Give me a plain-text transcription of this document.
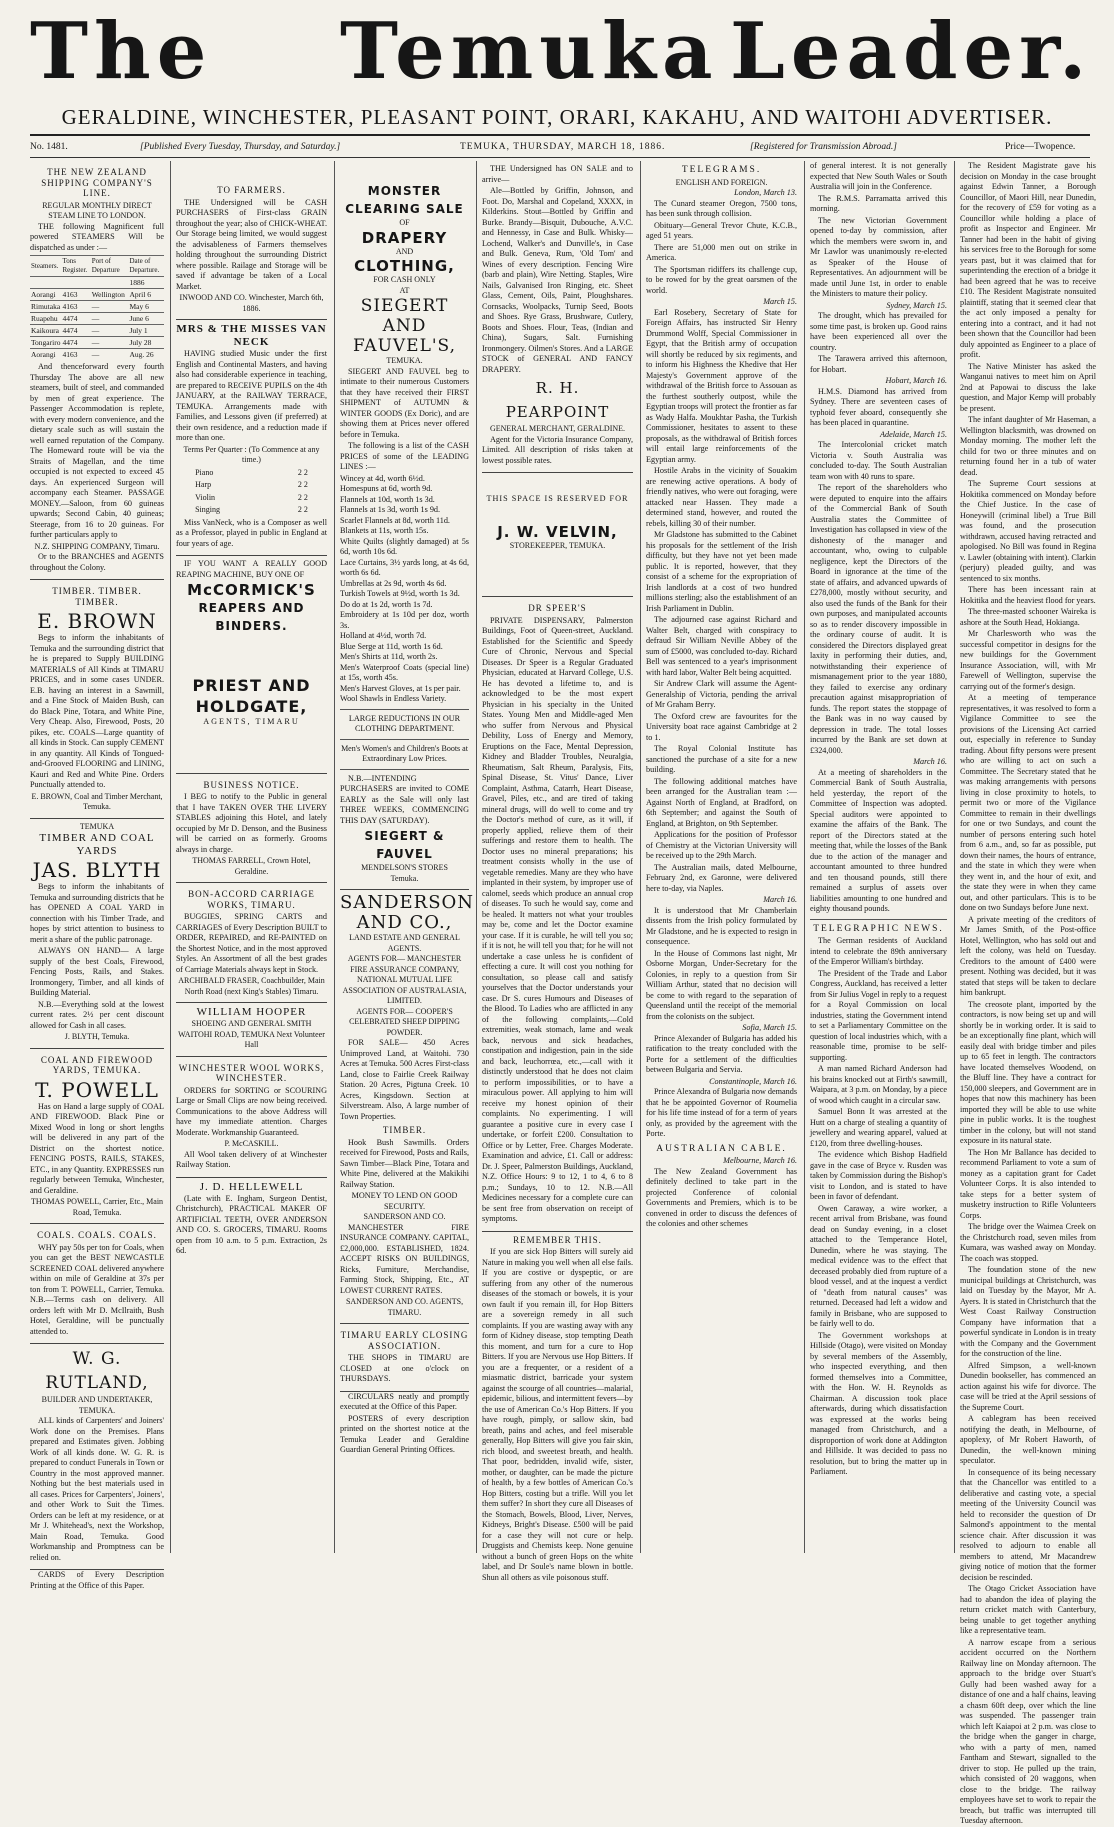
The Temuka Leader.
GERALDINE, WINCHESTER, PLEASANT POINT, ORARI, KAKAHU, AND WAITOHI ADVERTISER.
No. 1481.	[Published Every Tuesday, Thursday, and Saturday.]	TEMUKA, THURSDAY, MARCH 18, 1886.	[Registered for Transmission Abroad.]	Price—Twopence.
THE NEW ZEALAND SHIPPING COMPANY'S LINE.
REGULAR MONTHLY DIRECT STEAM LINE TO LONDON.

THE following Magnificent full powered STEAMERS Will be dispatched as under :—

Steamers.	Tons Register.	Port of Departure	Date of Departure.
			1886
Aorangi	4163	Wellington	April 6
Rimutaka	4163	—	May 6
Ruapehu	4474	—	June 6
Kaikoura	4474	—	July 1
Tongariro	4474	—	July 28
Aorangi	4163	—	Aug. 26

And thenceforward every fourth Thursday The above are all new steamers, built of steel, and commanded by men of great experience. The Passenger Accommodation is replete, with every modern convenience, and the dietary scale such as will sustain the well earned reputation of the Company. The Homeward route will be via the Straits of Magellan, and the time occupied is not expected to exceed 45 days. An experienced Surgeon will accompany each Steamer. PASSAGE MONEY.—Saloon, from 60 guineas upwards; Second Cabin, 40 guineas; Steerage, from 16 to 20 guineas. For further particulars apply to

N.Z. SHIPPING COMPANY, Timaru.

Or to the BRANCHES and AGENTS throughout the Colony.

TIMBER. TIMBER. TIMBER.
E. BROWN

Begs to inform the inhabitants of Temuka and the surrounding district that he is prepared to Supply BUILDING MATERIALS of All Kinds at TIMARU PRICES, and in some cases UNDER. E.B. having an interest in a Sawmill, and a Fine Stock of Maiden Bush, can do Black Pine, Totara, and White Pine, Very Cheap. Also, Firewood, Posts, 20 pikes, etc. COALS—Large quantity of all kinds in Stock. Can supply CEMENT in any quantity. All Kinds of Tongued-and-Grooved FLOORING and LINING, Kauri and Red and White Pine. Orders Punctually attended to.

E. BROWN, Coal and Timber Merchant, Temuka.
TEMUKA
TIMBER AND COAL YARDS
JAS. BLYTH

Begs to inform the inhabitants of Temuka and surrounding districts that he has OPENED A COAL YARD in connection with his Timber Trade, and hopes by strict attention to business to merit a share of the public patronage.

ALWAYS ON HAND— A large supply of the best Coals, Firewood, Fencing Posts, Rails, and Stakes. Ironmongery, Timber, and all kinds of Building Material.

N.B.—Everything sold at the lowest current rates. 2½ per cent discount allowed for Cash in all cases.

J. BLYTH, Temuka.
COAL AND FIREWOOD YARDS, TEMUKA.
T. POWELL

Has on Hand a large supply of COAL AND FIREWOOD. Black Pine or Mixed Wood in long or short lengths will be delivered in any part of the District on the shortest notice. FENCING POSTS, RAILS, STAKES, ETC., in any Quantity. EXPRESSES run regularly between Temuka, Winchester, and Geraldine.

THOMAS POWELL, Carrier, Etc., Main Road, Temuka.
COALS. COALS. COALS.

WHY pay 50s per ton for Coals, when you can get the BEST NEWCASTLE SCREENED COAL delivered anywhere within on mile of Geraldine at 37s per ton from T. POWELL, Carrier, Temuka. N.B.—Terms cash on delivery. All orders left with Mr D. McIlraith, Bush Hotel, Geraldine, will be punctually attended to.

W. G. RUTLAND,
BUILDER AND UNDERTAKER, TEMUKA.

ALL kinds of Carpenters' and Joiners' Work done on the Premises. Plans prepared and Estimates given. Jobbing Work of all kinds done. W. G. R. is prepared to conduct Funerals in Town or Country in the most approved manner. Nothing but the best materials used in all cases. Prices for Carpenters', Joiners', and other Work to Suit the Times. Orders can be left at my residence, or at Mr J. Whitehead's, next the Workshop, Main Road, Temuka. Good Workmanship and Promptness can be relied on.

CARDS of Every Description Printing at the Office of this Paper.

TO FARMERS.

THE Undersigned will be CASH PURCHASERS of First-class GRAIN throughout the year; also of CHICK-WHEAT. Our Storage being limited, we would suggest the advisableness of Farmers themselves holding throughout the surrounding District where possible. Railage and Storage will be saved if advantage be taken of a Local Market.

INWOOD AND CO. Winchester, March 6th, 1886.
MRS & THE MISSES VAN NECK

HAVING studied Music under the first English and Continental Masters, and having also had considerable experience in teaching, are prepared to RECEIVE PUPILS on the 4th JANUARY, at the RAILWAY TERRACE, TEMUKA. Arrangements made with Families, and Lessons given (if preferred) at their own residence, and a reduction made if more than one.

Terms Per Quarter : (To Commence at any time.)
Piano	2 2
Harp	2 2
Violin	2 2
Singing	2 2

Miss VanNeck, who is a Composer as well as a Professor, played in public in England at four years of age.

IF YOU WANT A REALLY GOOD REAPING MACHINE, BUY ONE OF

McCORMICK'S
REAPERS AND BINDERS.
PRIEST AND HOLDGATE,
AGENTS, TIMARU
BUSINESS NOTICE.

I BEG to notify to the Public in general that I have TAKEN OVER THE LIVERY STABLES adjoining this Hotel, and lately occupied by Mr D. Denson, and the Business will be carried on as formerly. Grooms always in charge.

THOMAS FARRELL, Crown Hotel, Geraldine.
BON-ACCORD CARRIAGE WORKS, TIMARU.

BUGGIES, SPRING CARTS and CARRIAGES of Every Description BUILT to ORDER, REPAIRED, and RE-PAINTED on the Shortest Notice, and in the most approved Styles. An Assortment of all the best grades of Carriage Materials always kept in Stock.

ARCHIBALD FRASER, Coachbuilder, Main North Road (next King's Stables) Timaru.
WILLIAM HOOPER
SHOEING AND GENERAL SMITH WAITOHI ROAD, TEMUKA Next Volunteer Hall
WINCHESTER WOOL WORKS, WINCHESTER.

ORDERS for SORTING or SCOURING Large or Small Clips are now being received. Communications to the above Address will have my immediate attention. Charges Moderate. Workmanship Guaranteed.

P. McCASKILL.

All Wool taken delivery of at Winchester Railway Station.

J. D. HELLEWELL

(Late with E. Ingham, Surgeon Dentist, Christchurch), PRACTICAL MAKER OF ARTIFICIAL TEETH, OVER ANDERSON AND CO. S. GROCERS, TIMARU. Rooms open from 10 a.m. to 5 p.m. Extraction, 2s 6d.

MONSTER CLEARING SALE
OF
DRAPERY
AND
CLOTHING,
FOR CASH ONLY
AT
SIEGERT AND FAUVEL'S,
TEMUKA.

SIEGERT AND FAUVEL beg to intimate to their numerous Customers that they have received their FIRST SHIPMENT of AUTUMN & WINTER GOODS (Ex Doric), and are showing them at Prices never offered before in Temuka.

The following is a list of the CASH PRICES of some of the LEADING LINES :—

Wincey at 4d, worth 6½d.
Homespuns at 6d, worth 9d.
Flannels at 10d, worth 1s 3d.
Flannels at 1s 3d, worth 1s 9d.
Scarlet Flannels at 8d, worth 11d.
Blankets at 11s, worth 15s.
White Quilts (slightly damaged) at 5s 6d, worth 10s 6d.
Lace Curtains, 3½ yards long, at 4s 6d, worth 6s 6d.
Umbrellas at 2s 9d, worth 4s 6d.
Turkish Towels at 9½d, worth 1s 3d.
Do do at 1s 2d, worth 1s 7d.
Embroidery at 1s 10d per doz, worth 3s.
Holland at 4½d, worth 7d.
Blue Serge at 11d, worth 1s 6d.
Men's Shirts at 11d, worth 2s.
Men's Waterproof Coats (special line) at 15s, worth 45s.
Men's Harvest Gloves, at 1s per pair.
Wool Shawls in Endless Variety.
LARGE REDUCTIONS IN OUR CLOTHING DEPARTMENT.
Men's Women's and Children's Boots at Extraordinary Low Prices.

N.B.—INTENDING PURCHASERS are invited to COME EARLY as the Sale will only last THREE WEEKS, COMMENCING THIS DAY (SATURDAY).

SIEGERT & FAUVEL
MENDELSON'S STORES
Temuka.
SANDERSON AND CO.,
LAND ESTATE AND GENERAL AGENTS.
AGENTS FOR— MANCHESTER FIRE ASSURANCE COMPANY, NATIONAL MUTUAL LIFE ASSOCIATION OF AUSTRALASIA, LIMITED.
AGENTS FOR— COOPER'S CELEBRATED SHEEP DIPPING POWDER.

FOR SALE— 450 Acres Unimproved Land, at Waitohi. 730 Acres at Temuka. 500 Acres First-class Land, close to Fairlie Creek Railway Station. 20 Acres, Pigtuna Creek. 10 Acres, Kingsdown. Section at Silverstream. Also, A large number of Town Properties.

TIMBER.

Hook Bush Sawmills. Orders received for Firewood, Posts and Rails, Sawn Timber—Black Pine, Totara and White Pine, delivered at the Makikihi Railway Station.

MONEY TO LEND ON GOOD SECURITY.
SANDERSON AND CO.

MANCHESTER FIRE INSURANCE COMPANY. CAPITAL, £2,000,000. ESTABLISHED, 1824. ACCEPT RISKS ON BUILDINGS, Ricks, Furniture, Merchandise, Farming Stock, Shipping, Etc., AT LOWEST CURRENT RATES.

SANDERSON AND CO. AGENTS, TIMARU.
TIMARU EARLY CLOSING ASSOCIATION.

THE SHOPS in TIMARU are CLOSED at one o'clock on THURSDAYS.

CIRCULARS neatly and promptly executed at the Office of this Paper.

POSTERS of every description printed on the shortest notice at the Temuka Leader and Geraldine Guardian General Printing Offices.

THE Undersigned has ON SALE and to arrive—

Ale—Bottled by Griffin, Johnson, and Foot. Do, Marshal and Copeland, XXXX, in Kilderkins. Stout—Bottled by Griffin and Burke. Brandy—Bisquit, Dubouche, A.V.C. and Hennessy, in Case and Bulk. Whisky—Lochend, Walker's and Dunville's, in Case and Bulk. Geneva, Rum, 'Old Tom' and Wines of every description. Fencing Wire (barb and plain), Wire Netting. Staples, Wire Nails, Galvanised Iron Ringing, etc. Sheet Glass, Cement, Oils, Paint, Ploughshares. Cornsacks, Woolpacks, Turnip Seed, Boots and Shoes. Rye Grass, Brushware, Cutlery, Boots and Shoes. Flour, Teas, (Indian and China), Sugars, Salt. Furnishing Ironmongery. Oilmen's Stores. And a LARGE STOCK of GENERAL AND FANCY DRAPERY.

R. H. PEARPOINT
GENERAL MERCHANT, GERALDINE.

Agent for the Victoria Insurance Company, Limited. All description of risks taken at lowest possible rates.

THIS SPACE IS RESERVED FOR
J. W. VELVIN,
STOREKEEPER, TEMUKA.
DR SPEER'S

PRIVATE DISPENSARY, Palmerston Buildings, Foot of Queen-street, Auckland. Established for the Scientific and Speedy Cure of Chronic, Nervous and Special Diseases. Dr Speer is a Regular Graduated Physician, educated at Harvard College, U.S. He has devoted a lifetime to, and is acknowledged to be the most expert Physician in his specialty in the United States. Young Men and Middle-aged Men who suffer from Nervous and Physical Debility, Loss of Energy and Memory, Eruptions on the Face, Mental Depression, Kidney and Bladder Troubles, Neuralgia, Rheumatism, Salt Rheum, Paralysis, Fits, Spinal Disease, St. Vitus' Dance, Liver Complaint, Asthma, Catarrh, Heart Disease, Gravel, Piles, etc., and are tired of taking mineral drugs, will do well to come and try the Doctor's method of cure, as it will, if properly applied, relieve them of their sufferings and restore them to health. The Doctor uses no mineral preparations; his treatment consists wholly in the use of vegetable remedies. Many are they who have implanted in their system, by improper use of calomel, seeds which produce an annual crop of diseases. To such he would say, come and be healed. It matters not what your troubles may be, come and let the Doctor examine your case. If it is curable, he will tell you so; if it is not, he will tell you that; for he will not undertake a case unless he is confident of effecting a cure. It will cost you nothing for consultation, so please call and satisfy yourselves that the Doctor understands your case. Dr S. cures Humours and Diseases of the Blood. To Ladies who are afflicted in any of the following complaints,—Cold extremities, weak stomach, lame and weak back, nervous and sick headaches, constipation and indigestion, pain in the side and back, leuchorrœa, etc.,—call with it distinctly understood that he does not claim to perform impossibilities, or to have a miraculous power. All applying to him will receive my honest opinion of their complaints. No experimenting. I will guarantee a positive cure in every case I undertake, or forfeit £200. Consultation to Office or by Letter, Free. Charges Moderate. Examination and advice, £1. Call or address: Dr. J. Speer, Palmerston Buildings, Auckland, N.Z. Office Hours: 9 to 12, 1 to 4, 6 to 8 p.m.; Sundays, 10 to 12. N.B.—All Medicines necessary for a complete cure can be sent free from observation on receipt of symptoms.

REMEMBER THIS.

If you are sick Hop Bitters will surely aid Nature in making you well when all else fails. If you are costive or dyspeptic, or are suffering from any other of the numerous diseases of the stomach or bowels, it is your own fault if you remain ill, for Hop Bitters are a sovereign remedy in all such complaints. If you are wasting away with any form of Kidney disease, stop tempting Death this moment, and turn for a cure to Hop Bitters. If you are Nervous use Hop Bitters. If you are a frequenter, or a resident of a miasmatic district, barricade your system against the scourge of all countries—malarial, epidemic, bilious, and intermittent fevers—by the use of American Co.'s Hop Bitters. If you have rough, pimply, or sallow skin, bad breath, pains and aches, and feel miserable generally, Hop Bitters will give you fair skin, rich blood, and sweetest breath, and health. That poor, bedridden, invalid wife, sister, mother, or daughter, can be made the picture of health, by a few bottles of American Co.'s Hop Bitters, costing but a trifle. Will you let them suffer? In short they cure all Diseases of the Stomach, Bowels, Blood, Liver, Nerves, Kidneys, Bright's Disease. £500 will be paid for a case they will not cure or help. Druggists and Chemists keep. None genuine without a bunch of green Hops on the white label, and Dr Soule's name blown in bottle. Shun all others as vile poisonous stuff.

TELEGRAMS.
ENGLISH AND FOREIGN.
London, March 13.

The Cunard steamer Oregon, 7500 tons, has been sunk through collision.

Obituary—General Trevor Chute, K.C.B., aged 51 years.

There are 51,000 men out on strike in America.

The Sportsman ridiffers its challenge cup, to be rowed for by the great oarsmen of the world.

March 15.

Earl Rosebery, Secretary of State for Foreign Affairs, has instructed Sir Henry Drummond Wolff, Special Commissioner in Egypt, that the British army of occupation will shortly be reduced by six regiments, and to inform his Highness the Khedive that Her Majesty's Government approve of the withdrawal of the British force to Assouan as the furthest southerly outpost, while the Egyptian troops will protect the frontier as far as Wady Halfa. Moukhtar Pasha, the Turkish Commissioner, hesitates to assent to these proposals, as the withdrawal of British forces will entail large reinforcements of the Egyptian army.

Hostile Arabs in the vicinity of Souakim are renewing active operations. A body of friendly natives, who were out foraging, were attacked near Hassen. They made a determined stand, however, and routed the rebels, killing 30 of their number.

Mr Gladstone has submitted to the Cabinet his proposals for the settlement of the Irish difficulty, but they have not yet been made public. It is reported, however, that they consist of a scheme for the expropriation of Irish landlords at a cost of two hundred millions sterling; also the establishment of an Irish Parliament in Dublin.

The adjourned case against Richard and Walter Belt, charged with conspiracy to defraud Sir William Neville Abbey of the sum of £5000, was concluded to-day. Richard Bell was sentenced to a year's imprisonment with hard labor, Walter Belt being acquitted.

Sir Andrew Clark will assume the Agent-Generalship of Victoria, pending the arrival of Mr Graham Berry.

The Oxford crew are favourites for the University boat race against Cambridge at 2 to 1.

The Royal Colonial Institute has sanctioned the purchase of a site for a new building.

The following additional matches have been arranged for the Australian team :—Against North of England, at Bradford, on 6th September; and against the South of England, at Brighton, on 9th September.

Applications for the position of Professor of Chemistry at the Victorian University will be received up to the 29th March.

The Australian mails, dated Melbourne, February 2nd, ex Garonne, were delivered here to-day, via Naples.

March 16.

It is understood that Mr Chamberlain dissents from the Irish policy formulated by Mr Gladstone, and he is expected to resign in consequence.

In the House of Commons last night, Mr Osborne Morgan, Under-Secretary for the Colonies, in reply to a question from Sir William Arthur, stated that no decision will be come to with regard to the separation of Queensland until the receipt of the memorial from the colonists on the subject.

Sofia, March 15.

Prince Alexander of Bulgaria has added his ratification to the treaty concluded with the Porte for a settlement of the difficulties between Bulgaria and Servia.

Constantinople, March 16.

Prince Alexandra of Bulgaria now demands that he be appointed Governor of Roumelia for his life time instead of for a term of years only, as provided by the agreement with the Porte.

AUSTRALIAN CABLE.
Melbourne, March 16.

The New Zealand Government has definitely declined to take part in the projected Conference of colonial Governments and Premiers, which is to be convened in order to discuss the defences of the colonies and other schemes

of general interest. It is not generally expected that New South Wales or South Australia will join in the Conference.

The R.M.S. Parramatta arrived this morning.

The new Victorian Government opened to-day by commission, after which the members were sworn in, and Mr Lawlor was unanimously re-elected as Speaker of the House of Representatives. An adjournment will be made until June 1st, in order to enable the Ministers to mature their policy.

Sydney, March 15.

The drought, which has prevailed for some time past, is broken up. Good rains have been experienced all over the country.

The Tarawera arrived this afternoon, for Hobart.

Hobart, March 16.

H.M.S. Diamond has arrived from Sydney. There are seventeen cases of typhoid fever aboard, consequently she has been placed in quarantine.

Adelaide, March 15.

The Intercolonial cricket match Victoria v. South Australia was concluded to-day. The South Australian team won with 40 runs to spare.

The report of the shareholders who were deputed to enquire into the affairs of the Commercial Bank of South Australia states the Committee of Investigation has collapsed in view of the dishonesty of the manager and accountant, who, owing to culpable negligence, kept the Directors of the Board in ignorance at the time of the state of affairs, and advanced upwards of £278,000, mostly without security, and also used the funds of the Bank for their own purposes, and manipulated accounts so as to render discovery impossible in the ordinary course of audit. It is considered the Directors displayed great laxity in performing their duties, and, notwithstanding their experience of mismanagement prior to the year 1880, they failed to exercise any ordinary precaution against misappropriation of funds. The report states the stoppage of the Bank was in no way caused by depression in trade. The total losses incurred by the Bank are set down at £324,000.

March 16.

At a meeting of shareholders in the Commercial Bank of South Australia, held yesterday, the report of the Committee of Inspection was adopted. Special auditors were appointed to examine the affairs of the Bank. The report of the Directors stated at the meeting that, while the losses of the Bank due to the action of the manager and accountant amounted to three hundred and ten thousand pounds, still there remained a surplus of assets over liabilities amounting to one hundred and eighty thousand pounds.

TELEGRAPHIC NEWS.

The German residents of Auckland intend to celebrate the 89th anniversary of the Emperor William's birthday.

The President of the Trade and Labor Congress, Auckland, has received a letter from Sir Julius Vogel in reply to a request for a Royal Commission on local industries, stating the Government intend to set a Parliamentary Committee on the question of local industries which, with a reasonable time, promise to be self-supporting.

A man named Richard Anderson had his brains knocked out at Firth's sawmill, Waipara, at 3 p.m. on Monday, by a piece of wood which caught in a circular saw.

Samuel Bonn It was arrested at the Hutt on a charge of stealing a quantity of jewellery and wearing apparel, valued at £120, from three dwelling-houses.

The evidence which Bishop Hadfield gave in the case of Bryce v. Rusden was taken by Commission during the Bishop's visit to London, and is stated to have been in favor of defendant.

Owen Caraway, a wire worker, a recent arrival from Brisbane, was found dead on Sunday evening, in a closet attached to the Temperance Hotel, Dunedin, where he was staying. The medical evidence was to the effect that deceased probably died from rupture of a blood vessel, and at the inquest a verdict of "death from natural causes" was returned. Deceased had left a widow and family in Brisbane, who are supposed to be fairly well to do.

The Government workshops at Hillside (Otago), were visited on Monday by several members of the Assembly, who inspected everything, and then formed themselves into a Committee, with the Hon. W. H. Reynolds as Chairman. A discussion took place afterwards, during which dissatisfaction was expressed at the works being managed from Christchurch, and a disproportion of work done at Addington and Hillside. It was decided to pass no resolution, but to bring the matter up in Parliament.

The Resident Magistrate gave his decision on Monday in the case brought against Edwin Tanner, a Borough Councillor, of Maori Hill, near Dunedin, for the recovery of £59 for voting as a Councillor while holding a place of profit as Inspector and Engineer. Mr Tanner had been in the habit of giving his services free to the Borough for some years past, but it was claimed that for superintending the erection of a bridge it had been agreed that he was to receive £10. The Resident Magistrate nonsuited plaintiff, stating that it seemed clear that the act only imposed a penalty for entering into a contract, and it had not been shown that the Councillor had been duly appointed as Engineer to a place of profit.

The Native Minister has asked the Wanganui natives to meet him on April 2nd at Papowai to discuss the lake question, and Major Kemp will probably be present.

The infant daughter of Mr Haseman, a Wellington blacksmith, was drowned on Monday morning. The mother left the child for two or three minutes and on returning found her in a tub of water dead.

The Supreme Court sessions at Hokitika commenced on Monday before the Chief Justice. In the case of Honeywill (criminal libel) a True Bill was found, and the prosecution withdrawn, accused having retracted and apologised. No Bill was found in Regina v. Lawler (obtaining with intent). Clarkin (perjury) pleaded guilty, and was sentenced to six months.

There has been incessant rain at Hokitika and the heaviest flood for years.

The three-masted schooner Waireka is ashore at the South Head, Hokianga.

Mr Charlesworth who was the successful competitor in designs for the new buildings for the Government Insurance Association, will, with Mr Farewell of Wellington, supervise the carrying out of the former's design.

At a meeting of temperance representatives, it was resolved to form a Vigilance Committee to see the provisions of the Licensing Act carried out, especially in reference to Sunday trading. About fifty persons were present who are willing to act on such a Committee. The Secretary stated that he was making arrangements with persons living in close proximity to hotels, to permit two or more of the Vigilance Committee to remain in their dwellings for one or two Sundays, and count the number of persons entering such hotel from 6 a.m., and, so far as possible, put down their names, the hours of entrance, and the state in which they were when they went in, and the hour of exit, and the state they were in when they came out, and other particulars. This is to be done on two Sundays before June next.

A private meeting of the creditors of Mr James Smith, of the Post-office Hotel, Wellington, who has sold out and left the colony, was held on Tuesday. Creditors to the amount of £400 were present. Nothing was decided, but it was stated that steps will be taken to declare him bankrupt.

The creosote plant, imported by the contractors, is now being set up and will shortly be in working order. It is said to be an exceptionally fine plant, which will easily deal with bridge timber and piles up to 65 feet in length. The contractors have located themselves Woodend, on the Bluff line. They have a contract for 150,000 sleepers, and Government are in hopes that now this machinery has been imported they will be able to use white pine in public works. It is the toughest timber in the colony, but will not stand exposure in its natural state.

The Hon Mr Ballance has decided to recommend Parliament to vote a sum of money as a capitation grant for Cadet Volunteer Corps. It is also intended to take steps for a better system of musketry instruction to Rifle Volunteers Corps.

The bridge over the Waimea Creek on the Christchurch road, seven miles from Kumara, was washed away on Monday. The coach was stopped.

The foundation stone of the new municipal buildings at Christchurch, was laid on Tuesday by the Mayor, Mr A. Ayers. It is stated in Christchurch that the West Coast Railway Construction Company have information that a powerful syndicate in London is in treaty with the Company and the Government for the construction of the line.

Alfred Simpson, a well-known Dunedin bookseller, has commenced an action against his wife for divorce. The case will be tried at the April sessions of the Supreme Court.

A cablegram has been received notifying the death, in Melbourne, of apoplexy, of Mr Robert Haworth, of Dunedin, the well-known mining speculator.

In consequence of its being necessary that the Chancellor was entitled to a deliberative and casting vote, a special meeting of the University Council was held to reconsider the question of Dr Salmond's appointment to the mental science chair. After discussion it was resolved to adjourn to enable all members to attend, Mr Macandrew giving notice of motion that the former decision be rescinded.

The Otago Cricket Association have had to abandon the idea of playing the return cricket match with Canterbury, being unable to get together anything like a representative team.

A narrow escape from a serious accident occurred on the Northern Railway line on Monday afternoon. The approach to the bridge over Stuart's Gully had been washed away for a distance of one and a half chains, leaving a chasm 60ft deep, over which the line was suspended. The passenger train which left Kaiapoi at 2 p.m. was close to the bridge when the ganger in charge, who with a party of men, named Fantham and Stewart, signalled to the driver to stop. He pulled up the train, which consisted of 20 waggons, when close to the bridge. The railway employees have set to work to repair the breach, but traffic was interrupted till Tuesday afternoon.
